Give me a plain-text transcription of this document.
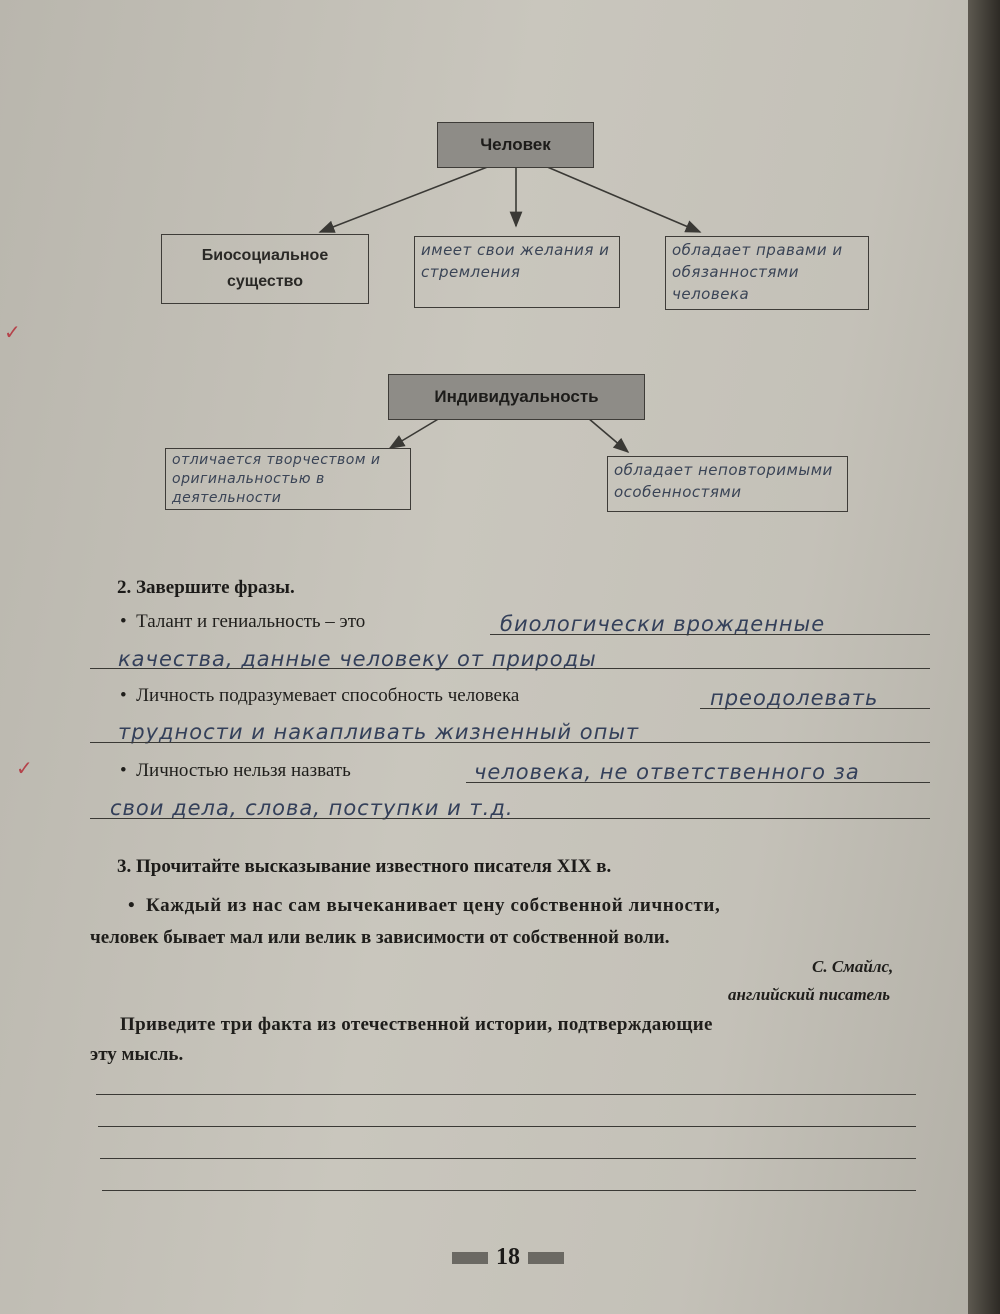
Человек
Биосоциальное существо
имеет свои желания и стремления
обладает правами и обязанностями человека
Индивидуальность
отличается творчеством и оригинальностью в деятельности
обладает неповторимыми особенностями
2. Завершите фразы.
• Талант и гениальность – это	биологически врожденные
качества, данные человеку от природы
• Личность подразумевает способность человека	преодолевать
трудности и накапливать жизненный опыт
• Личностью нельзя назвать	человека, не ответственного за
свои дела, слова, поступки и т.д.
3. Прочитайте высказывание известного писателя XIX в.
• Каждый из нас сам вычеканивает цену собственной личности,
человек бывает мал или велик в зависимости от собственной воли.
С. Смайлс,
английский писатель
Приведите три факта из отечественной истории, подтверждающие
эту мысль.
✓
✓
18
